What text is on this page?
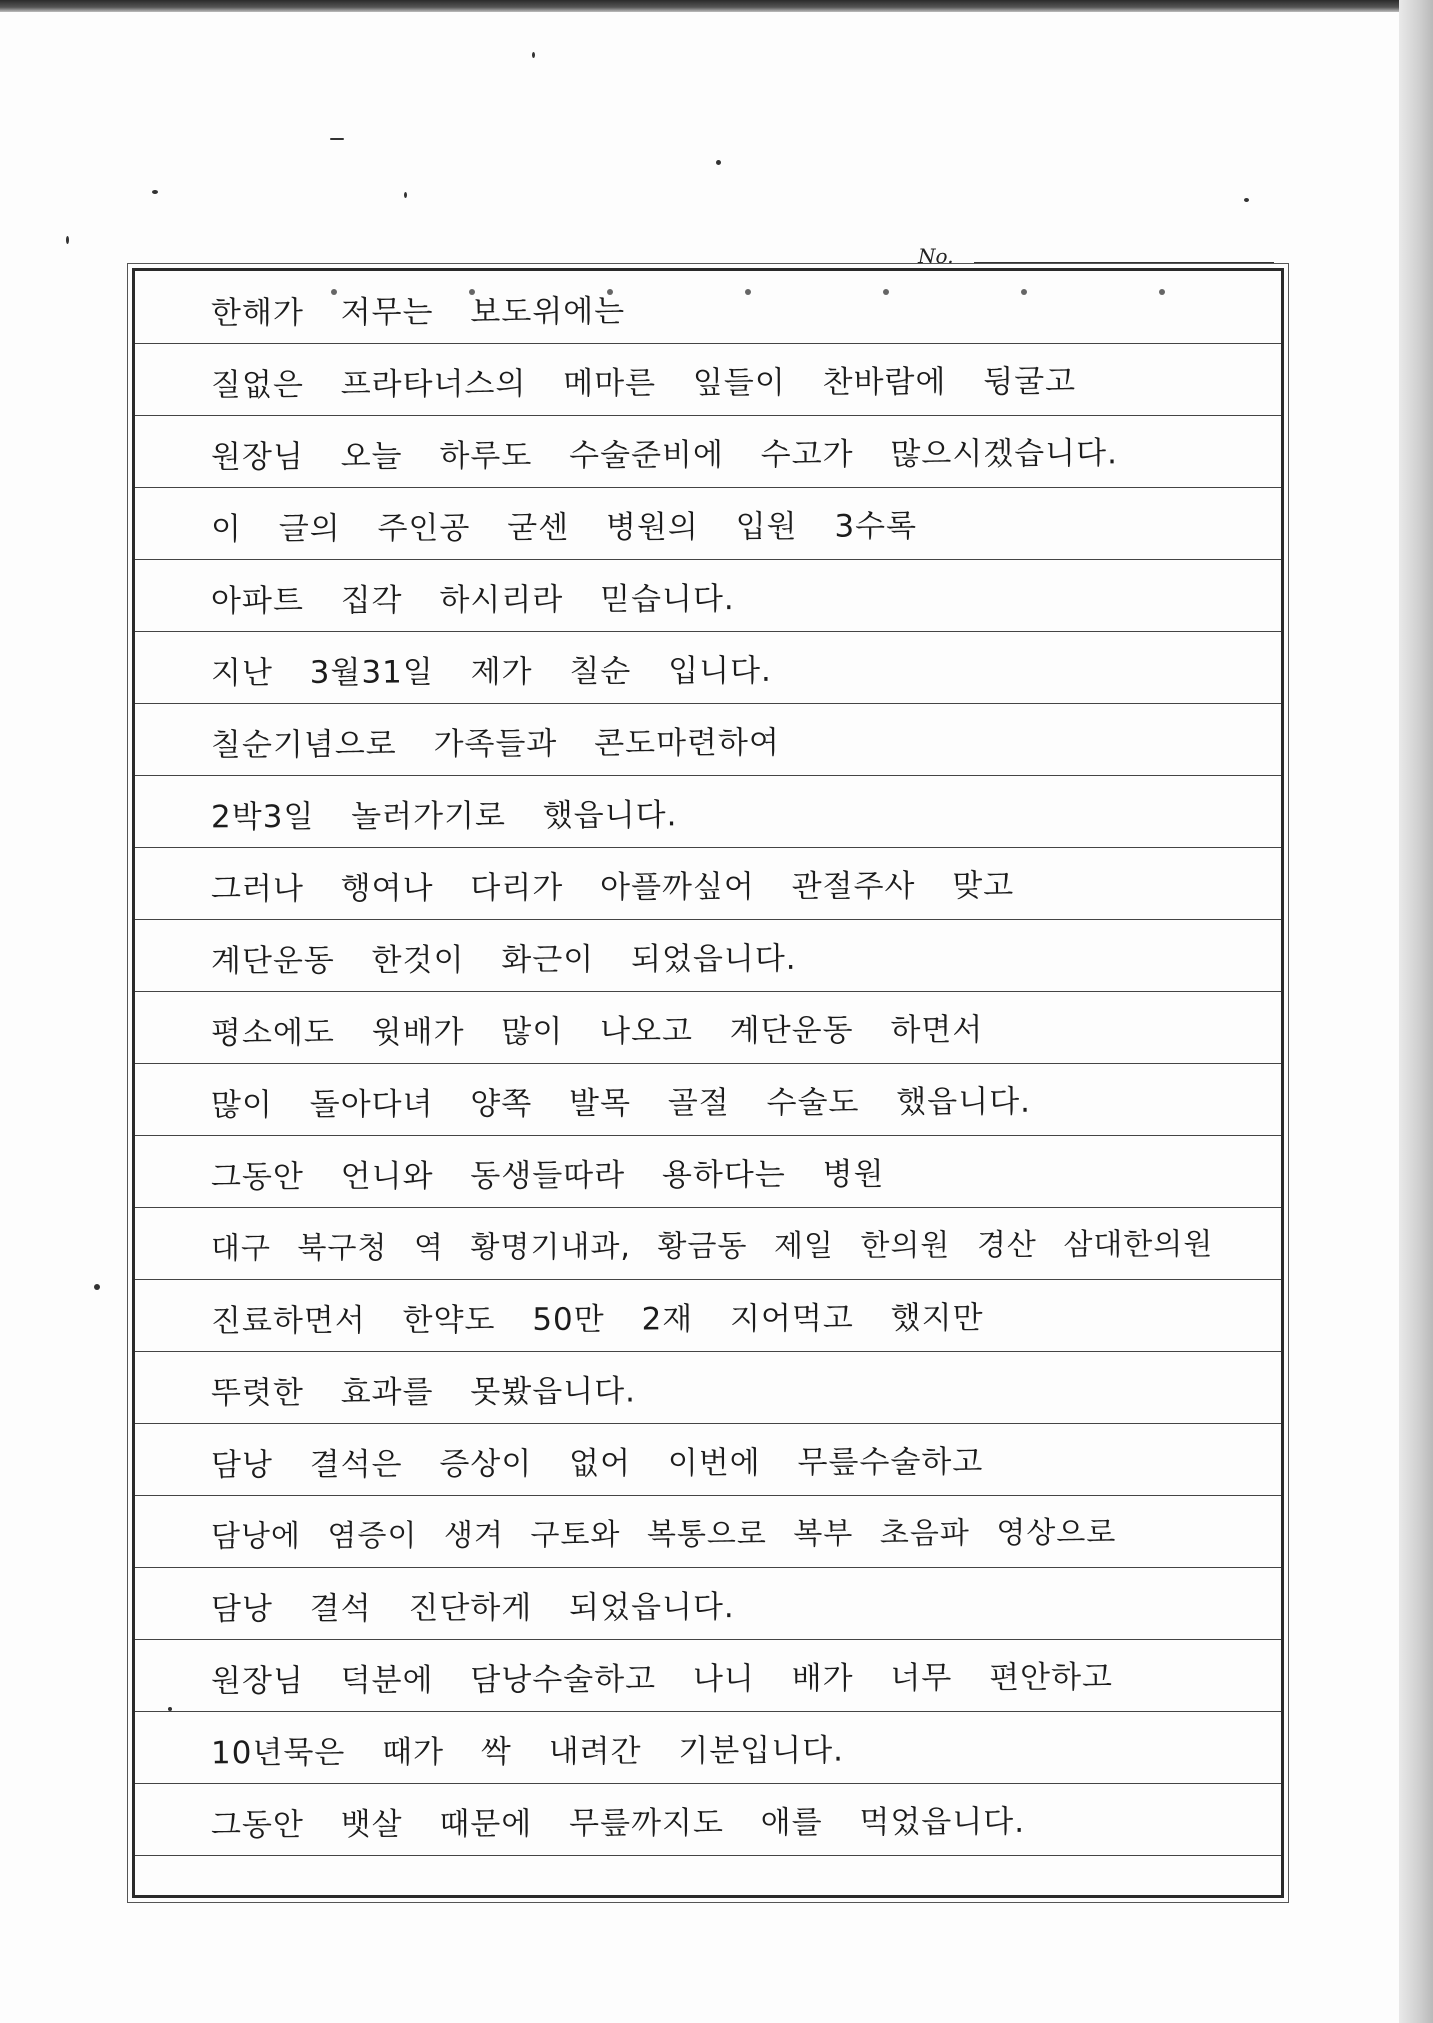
No.
한해가 저무는 보도위에는
질없은 프라타너스의 메마른 잎들이 찬바람에 뒹굴고
원장님 오늘 하루도 수술준비에 수고가 많으시겠습니다.
이 글의 주인공 굳센 병원의 입원 3수록
아파트 집각 하시리라 믿습니다.
지난 3월31일 제가 칠순 입니다.
칠순기념으로 가족들과 콘도마련하여
2박3일 놀러가기로 했읍니다.
그러나 행여나 다리가 아플까싶어 관절주사 맞고
계단운동 한것이 화근이 되었읍니다.
평소에도 윗배가 많이 나오고 계단운동 하면서
많이 돌아다녀 양쪽 발목 골절 수술도 했읍니다.
그동안 언니와 동생들따라 용하다는 병원
대구 북구청 역 황명기내과, 황금동 제일 한의원 경산 삼대한의원
진료하면서 한약도 50만 2재 지어먹고 했지만
뚜렷한 효과를 못봤읍니다.
담낭 결석은 증상이 없어 이번에 무릎수술하고
담낭에 염증이 생겨 구토와 복통으로 복부 초음파 영상으로
담낭 결석 진단하게 되었읍니다.
원장님 덕분에 담낭수술하고 나니 배가 너무 편안하고
10년묵은 때가 싹 내려간 기분입니다.
그동안 뱃살 때문에 무릎까지도 애를 먹었읍니다.
